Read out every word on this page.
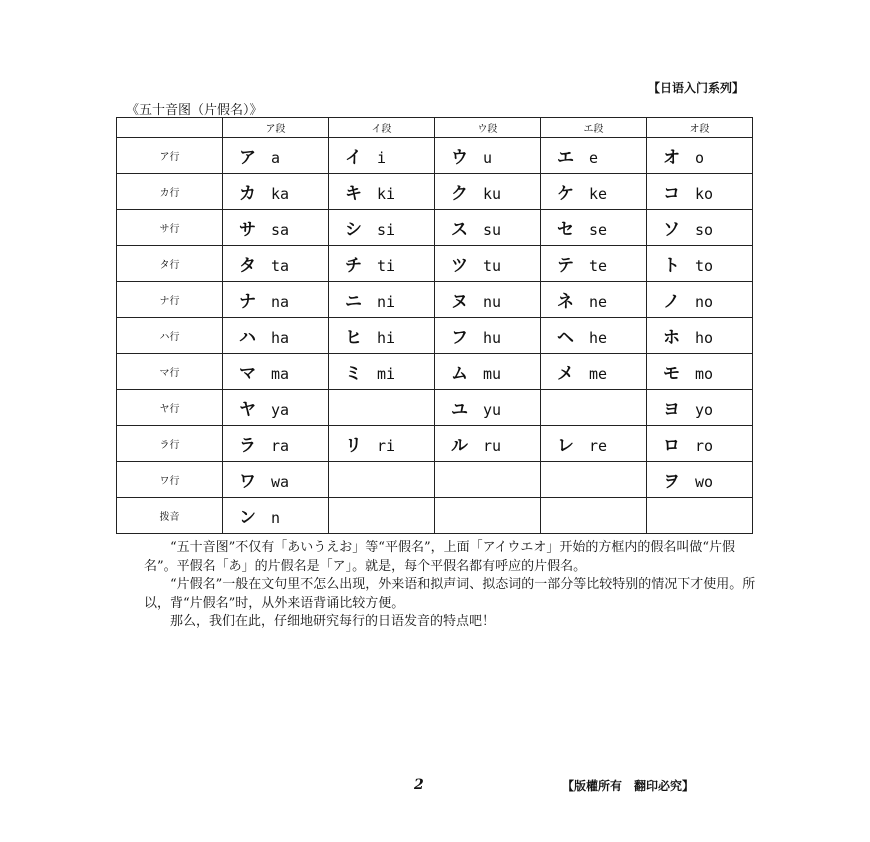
【日语入门系列】
《五十音图（片假名）》
	ア段	イ段	ウ段	エ段	オ段
ア行	ア a	イ i	ウ u	エ e	オ o
カ行	カ ka	キ ki	ク ku	ケ ke	コ ko
サ行	サ sa	シ si	ス su	セ se	ソ so
タ行	タ ta	チ ti	ツ tu	テ te	ト to
ナ行	ナ na	ニ ni	ヌ nu	ネ ne	ノ no
ハ行	ハ ha	ヒ hi	フ hu	ヘ he	ホ ho
マ行	マ ma	ミ mi	ム mu	メ me	モ mo
ヤ行	ヤ ya		ユ yu		ヨ yo
ラ行	ラ ra	リ ri	ル ru	レ re	ロ ro
ワ行	ワ wa				ヲ wo
拨音	ン n				

“五十音图”不仅有「あいうえお」等“平假名”，上面「アイウエオ」开始的方框内的假名叫做“片假名”。平假名「あ」的片假名是「ア」。就是，每个平假名都有呼应的片假名。

“片假名”一般在文句里不怎么出现，外来语和拟声词、拟态词的一部分等比较特别的情况下才使用。所以，背“片假名”时，从外来语背诵比较方便。

那么，我们在此，仔细地研究每行的日语发音的特点吧！

2	【版權所有　翻印必究】
